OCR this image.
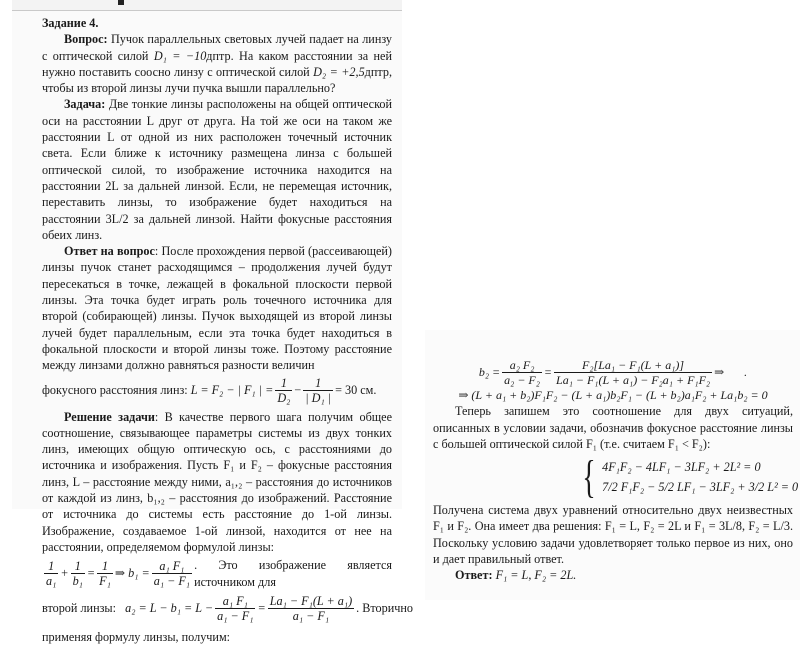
Задание 4.

Вопрос: Пучок параллельных световых лучей падает на линзу с оптической силой D₁ = −10дптр. На каком расстоянии за ней нужно поставить соосно линзу с оптической силой D₂ = +2,5дптр, чтобы из второй линзы лучи пучка вышли параллельно?

Задача: Две тонкие линзы расположены на общей оптической оси на расстоянии L друг от друга. На той же оси на таком же расстоянии L от одной из них расположен точечный источник света. Если ближе к источнику размещена линза с большей оптической силой, то изображение источника находится на расстоянии 2L за дальней линзой. Если, не перемещая источник, переставить линзы, то изображение будет находиться на расстоянии 3L/2 за дальней линзой. Найти фокусные расстояния обеих линз.

Ответ на вопрос: После прохождения первой (рассеивающей) линзы пучок станет расходящимся – продолжения лучей будут пересекаться в точке, лежащей в фокальной плоскости первой линзы. Эта точка будет играть роль точечного источника для второй (собирающей) линзы. Пучок выходящей из второй линзы лучей будет параллельным, если эта точка будет находиться в фокальной плоскости и второй линзы тоже. Поэтому расстояние между линзами должно равняться разности величин

фокусного расстояния линз:
L = F₂ − | F₁ | = $\frac{1}{\text{D₂}} - \frac{1}{\text{| D₁ |}} = 30$ см.

Решение задачи: В качестве первого шага получим общее соотношение, связывающее параметры системы из двух тонких линз, имеющих общую оптическую ось, с расстояниями до источника и изображения. Пусть F₁ и F₂ – фокусные расстояния линз, L – расстояние между ними, a₁,₂ – расстояния до источников от каждой из линз, b₁,₂ – расстояния до изображений. Расстояние от источника до системы есть расстояние до 1-ой линзы. Изображение, создаваемое 1-ой линзой, находится от нее на расстоянии, определяемом формулой линзы:

$\frac{1}{\text{a₁}} + \frac{1}{\text{b₁}} = \frac{1}{\text{F₁}}$ ⇒ $b_1 = \frac{\text{a₁ F₁}}{\text{a₁ − F₁}}$ . Это изображение является источником для
второй линзы:
$a_2 = L - b_1 = L - \frac{\text{a₁ F₁}}{\text{a₁ − F₁}} = \frac{\text{La₁ − F₁(L + a₁)}}{\text{a₁ − F₁}}$ . Вторично

применяя формулу линзы, получим:

$b_2 = \frac{\text{a₂ F₂}}{\text{a₂ − F₂}} = \frac{\text{F₂[La₁ − F₁(L + a₁)]}}{\text{La₁ − F₁(L + a₁) − F₂a₁ + F₁F₂}}$ ⇒ .
⇒ (L + a₁ + b₂)F₁F₂ − (L + a₁)b₂F₁ − (L + b₂)a₁F₂ + La₁b₂ = 0

Теперь запишем это соотношение для двух ситуаций, описанных в условии задачи, обозначив фокусное расстояние линзы с большей оптической силой F₁ (т.е. считаем F₁ < F₂):

{ 4F₁F₂ − 4LF₁ − 3LF₂ + 2L² = 0
7/2 F₁F₂ − 5/2 LF₁ − 3LF₂ + 3/2 L² = 0

Получена система двух уравнений относительно двух неизвестных F₁ и F₂. Она имеет два решения: F₁ = L, F₂ = 2L и F₁ = 3L/8, F₂ = L/3. Поскольку условию задачи удовлетворяет только первое из них, оно и дает правильный ответ.

Ответ: F₁ = L, F₂ = 2L.
